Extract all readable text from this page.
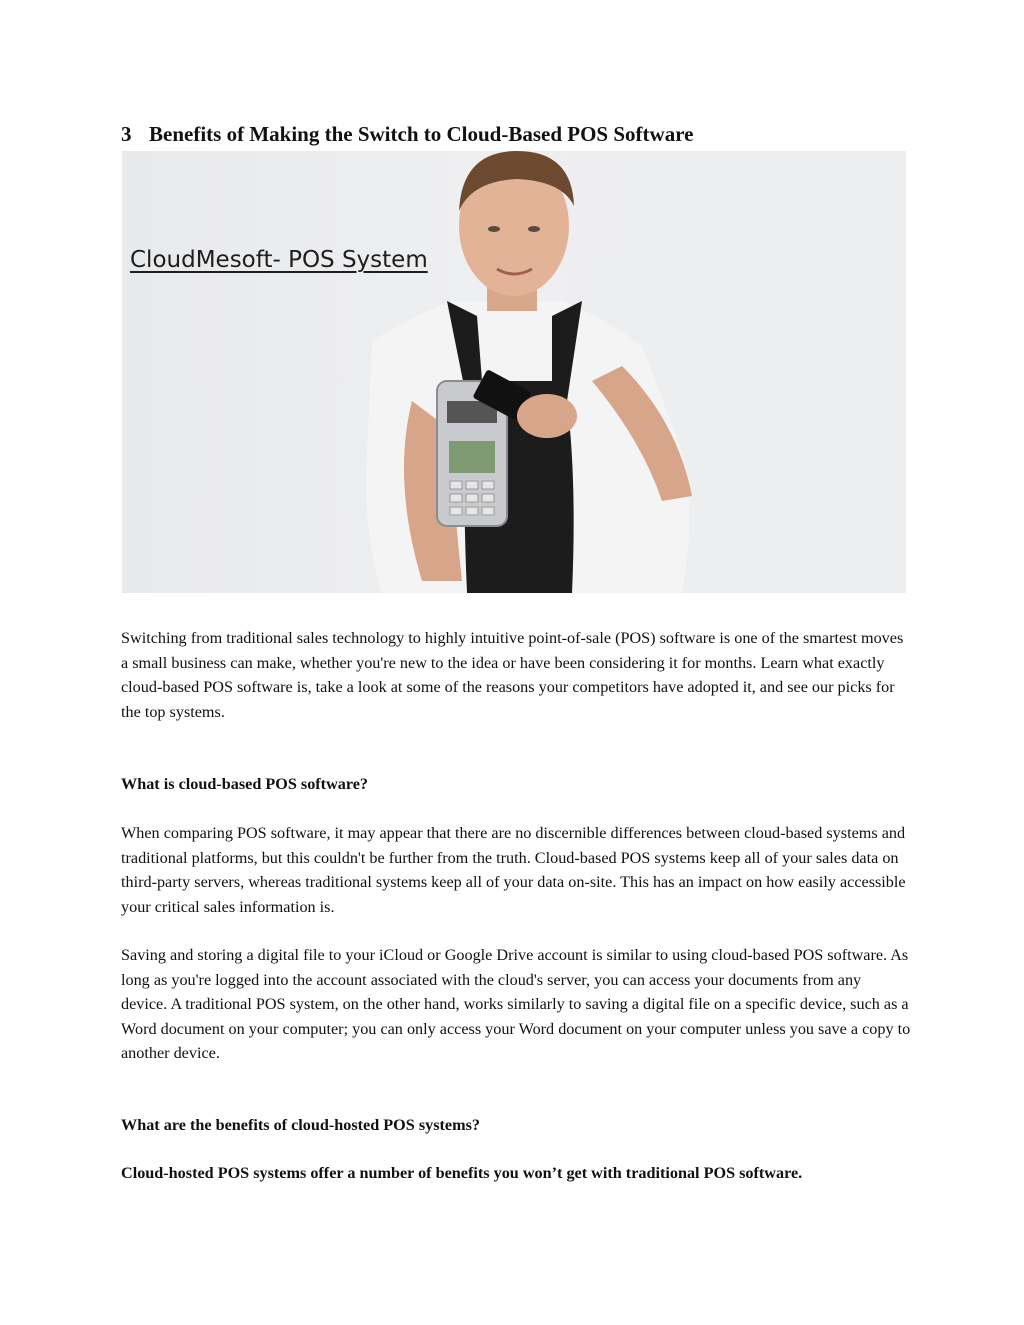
3 Benefits of Making the Switch to Cloud-Based POS Software
CloudMesoft- POS System

Switching from traditional sales technology to highly intuitive point-of-sale (POS) software is one of the smartest moves a small business can make, whether you're new to the idea or have been considering it for months. Learn what exactly cloud-based POS software is, take a look at some of the reasons your competitors have adopted it, and see our picks for the top systems.

What is cloud-based POS software?

When comparing POS software, it may appear that there are no discernible differences between cloud-based systems and traditional platforms, but this couldn't be further from the truth. Cloud-based POS systems keep all of your sales data on third-party servers, whereas traditional systems keep all of your data on-site. This has an impact on how easily accessible your critical sales information is.

Saving and storing a digital file to your iCloud or Google Drive account is similar to using cloud-based POS software. As long as you're logged into the account associated with the cloud's server, you can access your documents from any device. A traditional POS system, on the other hand, works similarly to saving a digital file on a specific device, such as a Word document on your computer; you can only access your Word document on your computer unless you save a copy to another device.

What are the benefits of cloud-hosted POS systems?
Cloud-hosted POS systems offer a number of benefits you won’t get with traditional POS software.
